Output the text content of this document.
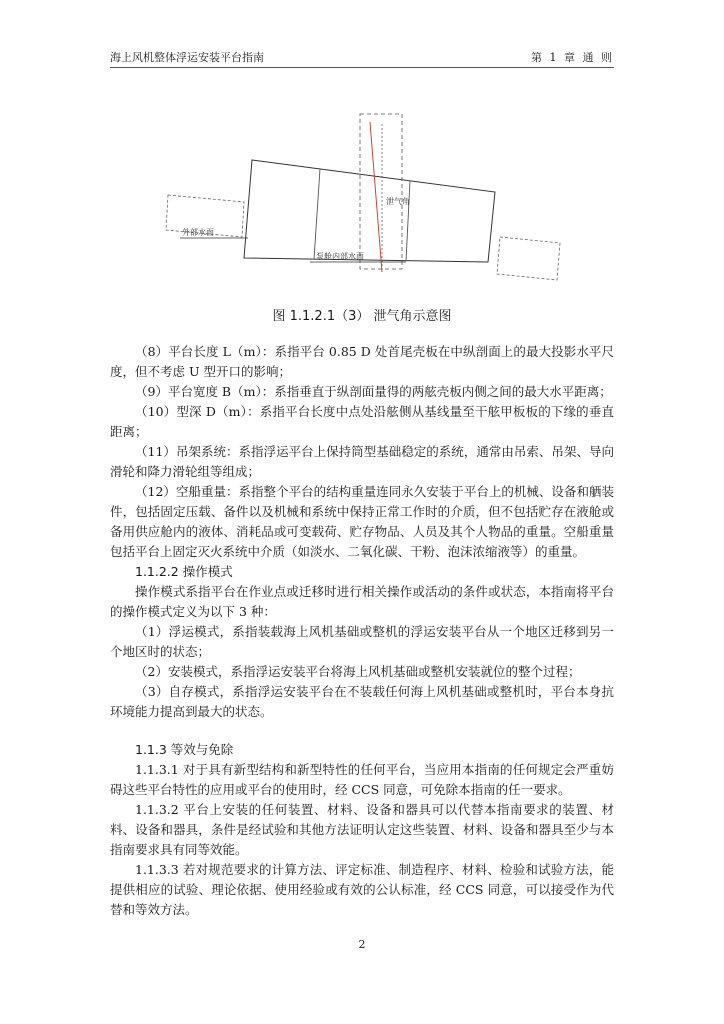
海上风机整体浮运安装平台指南	第 1 章 通 则
泄气角
外部水面
泵舱内部水面
图 1.1.2.1（3） 泄气角示意图

（8）平台长度 L（m）：系指平台 0.85 D 处首尾壳板在中纵剖面上的最大投影水平尺度，但不考虑 U 型开口的影响；

（9）平台宽度 B（m）：系指垂直于纵剖面量得的两舷壳板内侧之间的最大水平距离；

（10）型深 D（m）：系指平台长度中点处沿舷侧从基线量至干舷甲板板的下缘的垂直距离；

（11）吊架系统：系指浮运平台上保持筒型基础稳定的系统，通常由吊索、吊架、导向滑轮和降力滑轮组等组成；

（12）空船重量：系指整个平台的结构重量连同永久安装于平台上的机械、设备和舾装件，包括固定压载、备件以及机械和系统中保持正常工作时的介质，但不包括贮存在液舱或备用供应舱内的液体、消耗品或可变载荷、贮存物品、人员及其个人物品的重量。空船重量包括平台上固定灭火系统中介质（如淡水、二氧化碳、干粉、泡沫浓缩液等）的重量。

1.1.2.2 操作模式

操作模式系指平台在作业点或迁移时进行相关操作或活动的条件或状态，本指南将平台的操作模式定义为以下 3 种：

（1）浮运模式，系指装载海上风机基础或整机的浮运安装平台从一个地区迁移到另一个地区时的状态；

（2）安装模式，系指浮运安装平台将海上风机基础或整机安装就位的整个过程；

（3）自存模式，系指浮运安装平台在不装载任何海上风机基础或整机时，平台本身抗环境能力提高到最大的状态。

1.1.3 等效与免除

1.1.3.1 对于具有新型结构和新型特性的任何平台，当应用本指南的任何规定会严重妨碍这些平台特性的应用或平台的使用时，经 CCS 同意，可免除本指南的任一要求。

1.1.3.2 平台上安装的任何装置、材料、设备和器具可以代替本指南要求的装置、材料、设备和器具，条件是经试验和其他方法证明认定这些装置、材料、设备和器具至少与本指南要求具有同等效能。

1.1.3.3 若对规范要求的计算方法、评定标准、制造程序、材料、检验和试验方法，能提供相应的试验、理论依据、使用经验或有效的公认标准，经 CCS 同意，可以接受作为代替和等效方法。

2
